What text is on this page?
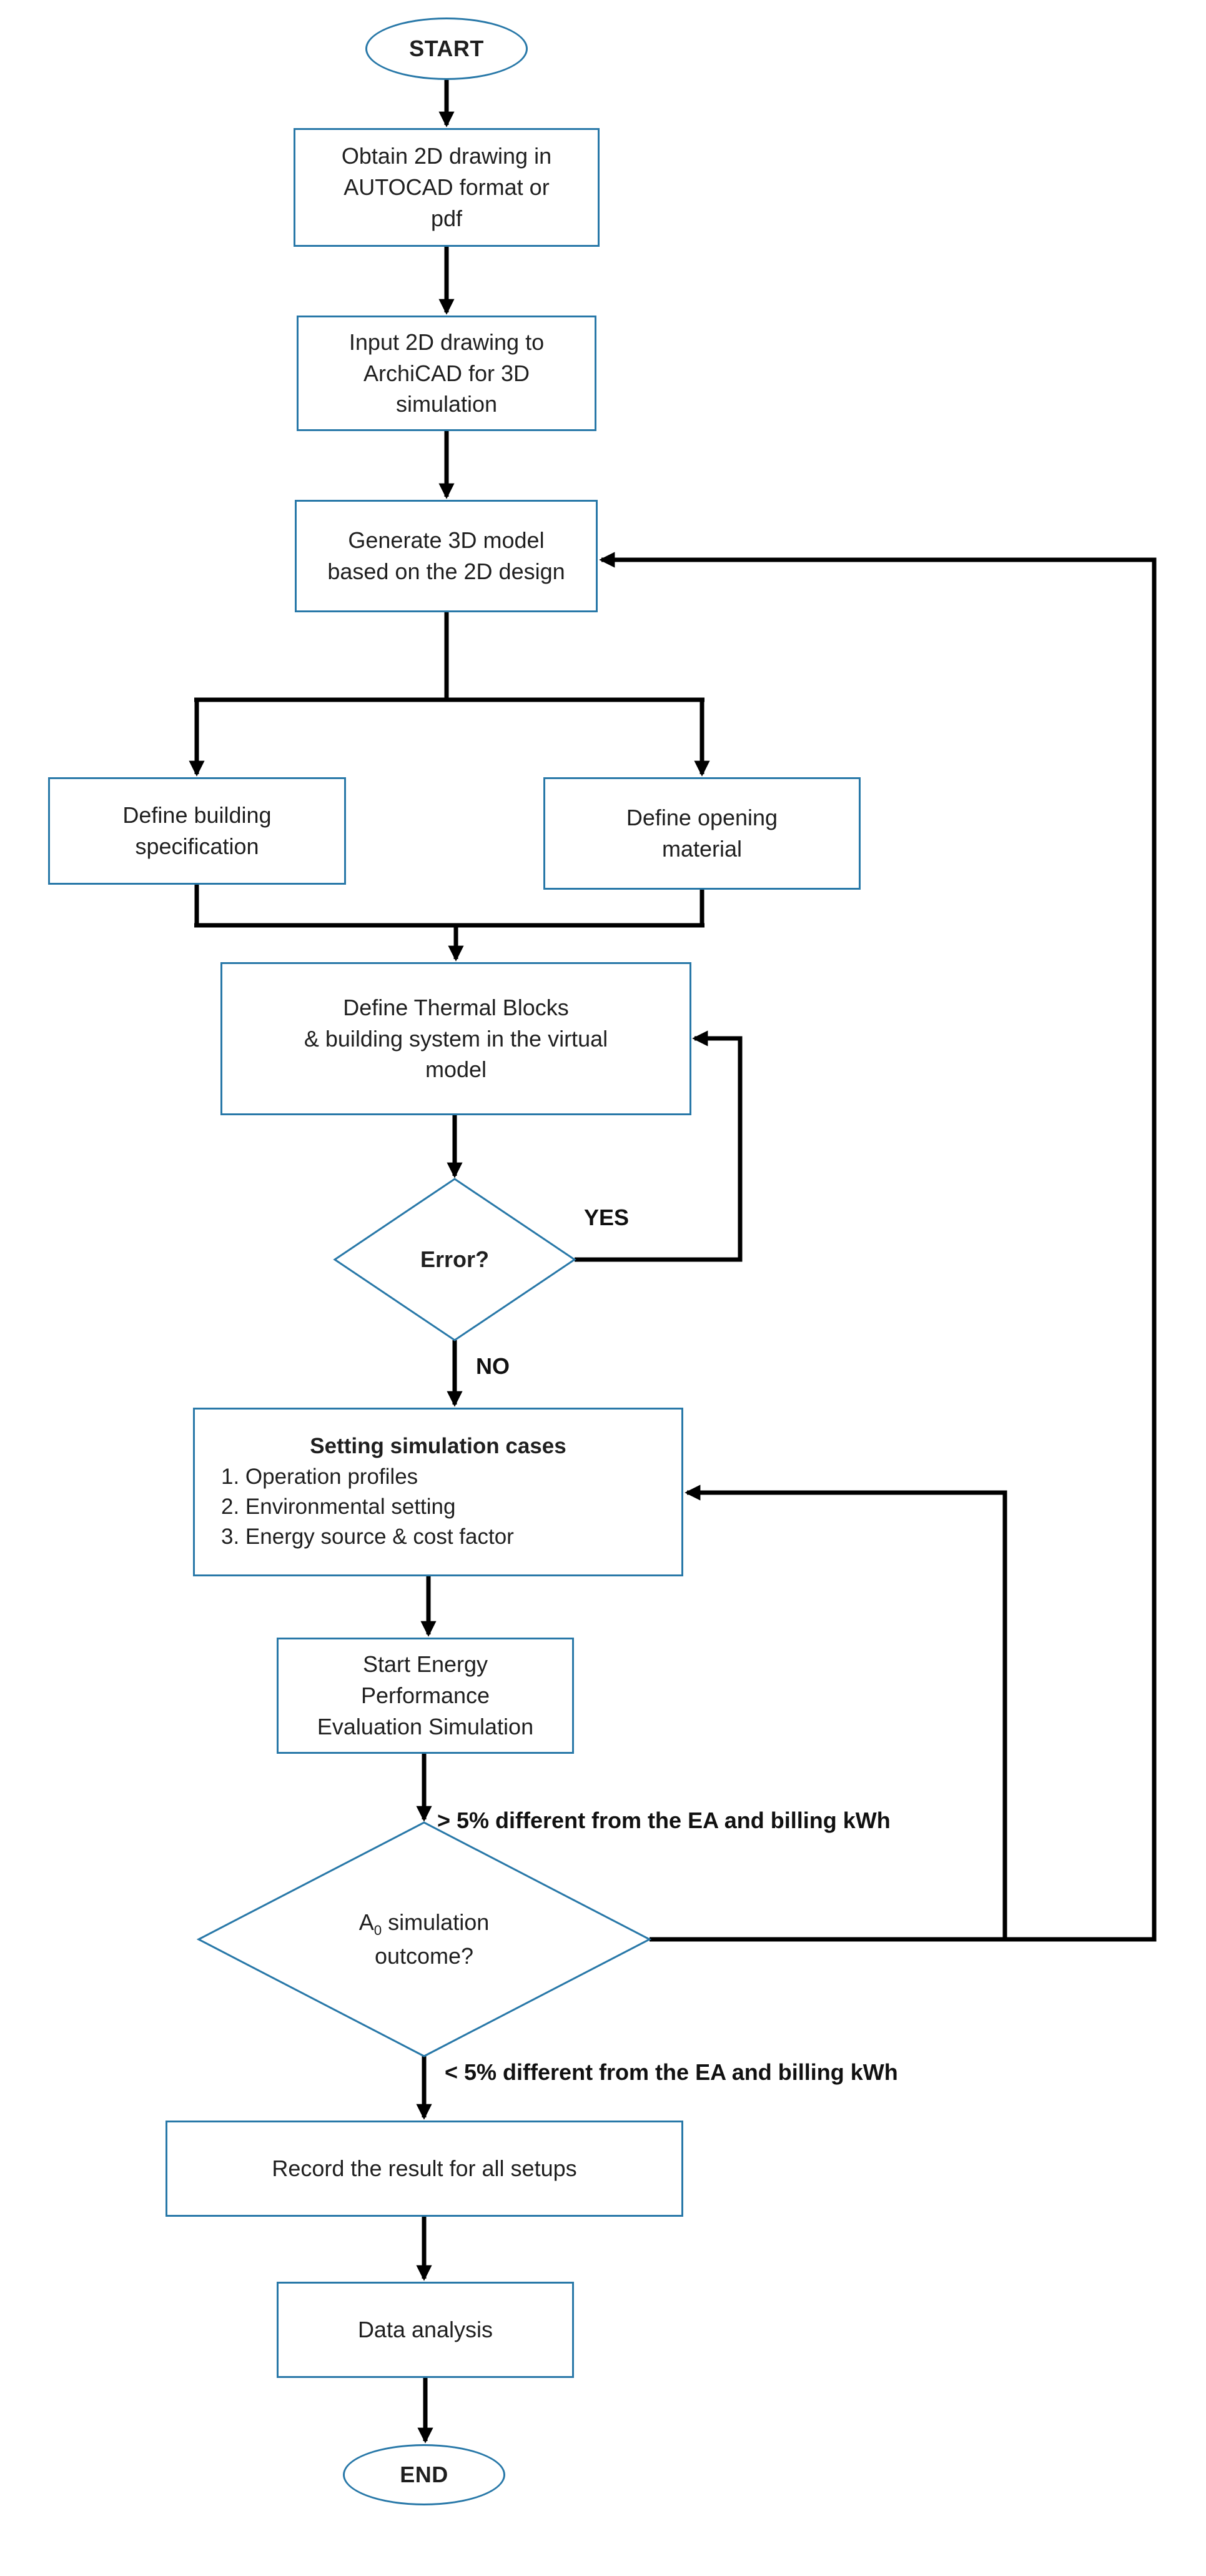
START
Obtain 2D drawing in
AUTOCAD format or
pdf
Input 2D drawing to
ArchiCAD for 3D
simulation
Generate 3D model
based on the 2D design
Define building
specification
Define opening
material
Define Thermal Blocks
& building system in the virtual
model
Error?
Setting simulation cases
1. Operation profiles
2. Environmental setting
3. Energy source & cost factor
Start Energy
Performance
Evaluation Simulation
$A_0$ simulation outcome?
Record the result for all setups
Data analysis
END
YES
NO
> 5% different from the EA and billing kWh
< 5% different from the EA and billing kWh
